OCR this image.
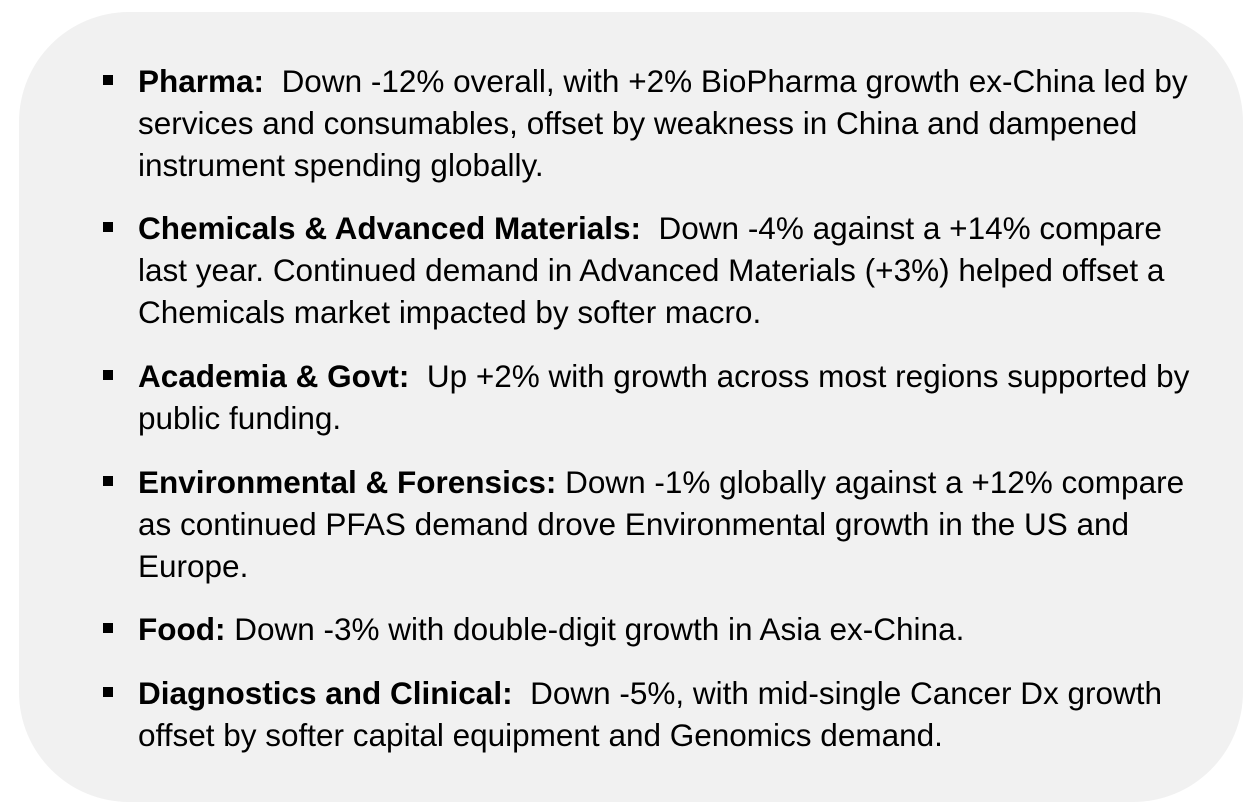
Pharma: Down -12% overall, with +2% BioPharma growth ex-China led by services and consumables, offset by weakness in China and dampened instrument spending globally.
Chemicals & Advanced Materials: Down -4% against a +14% compare last year. Continued demand in Advanced Materials (+3%) helped offset a Chemicals market impacted by softer macro.
Academia & Govt: Up +2% with growth across most regions supported by public funding.
Environmental & Forensics: Down -1% globally against a +12% compare as continued PFAS demand drove Environmental growth in the US and Europe.
Food: Down -3% with double-digit growth in Asia ex-China.
Diagnostics and Clinical: Down -5%, with mid-single Cancer Dx growth offset by softer capital equipment and Genomics demand.
